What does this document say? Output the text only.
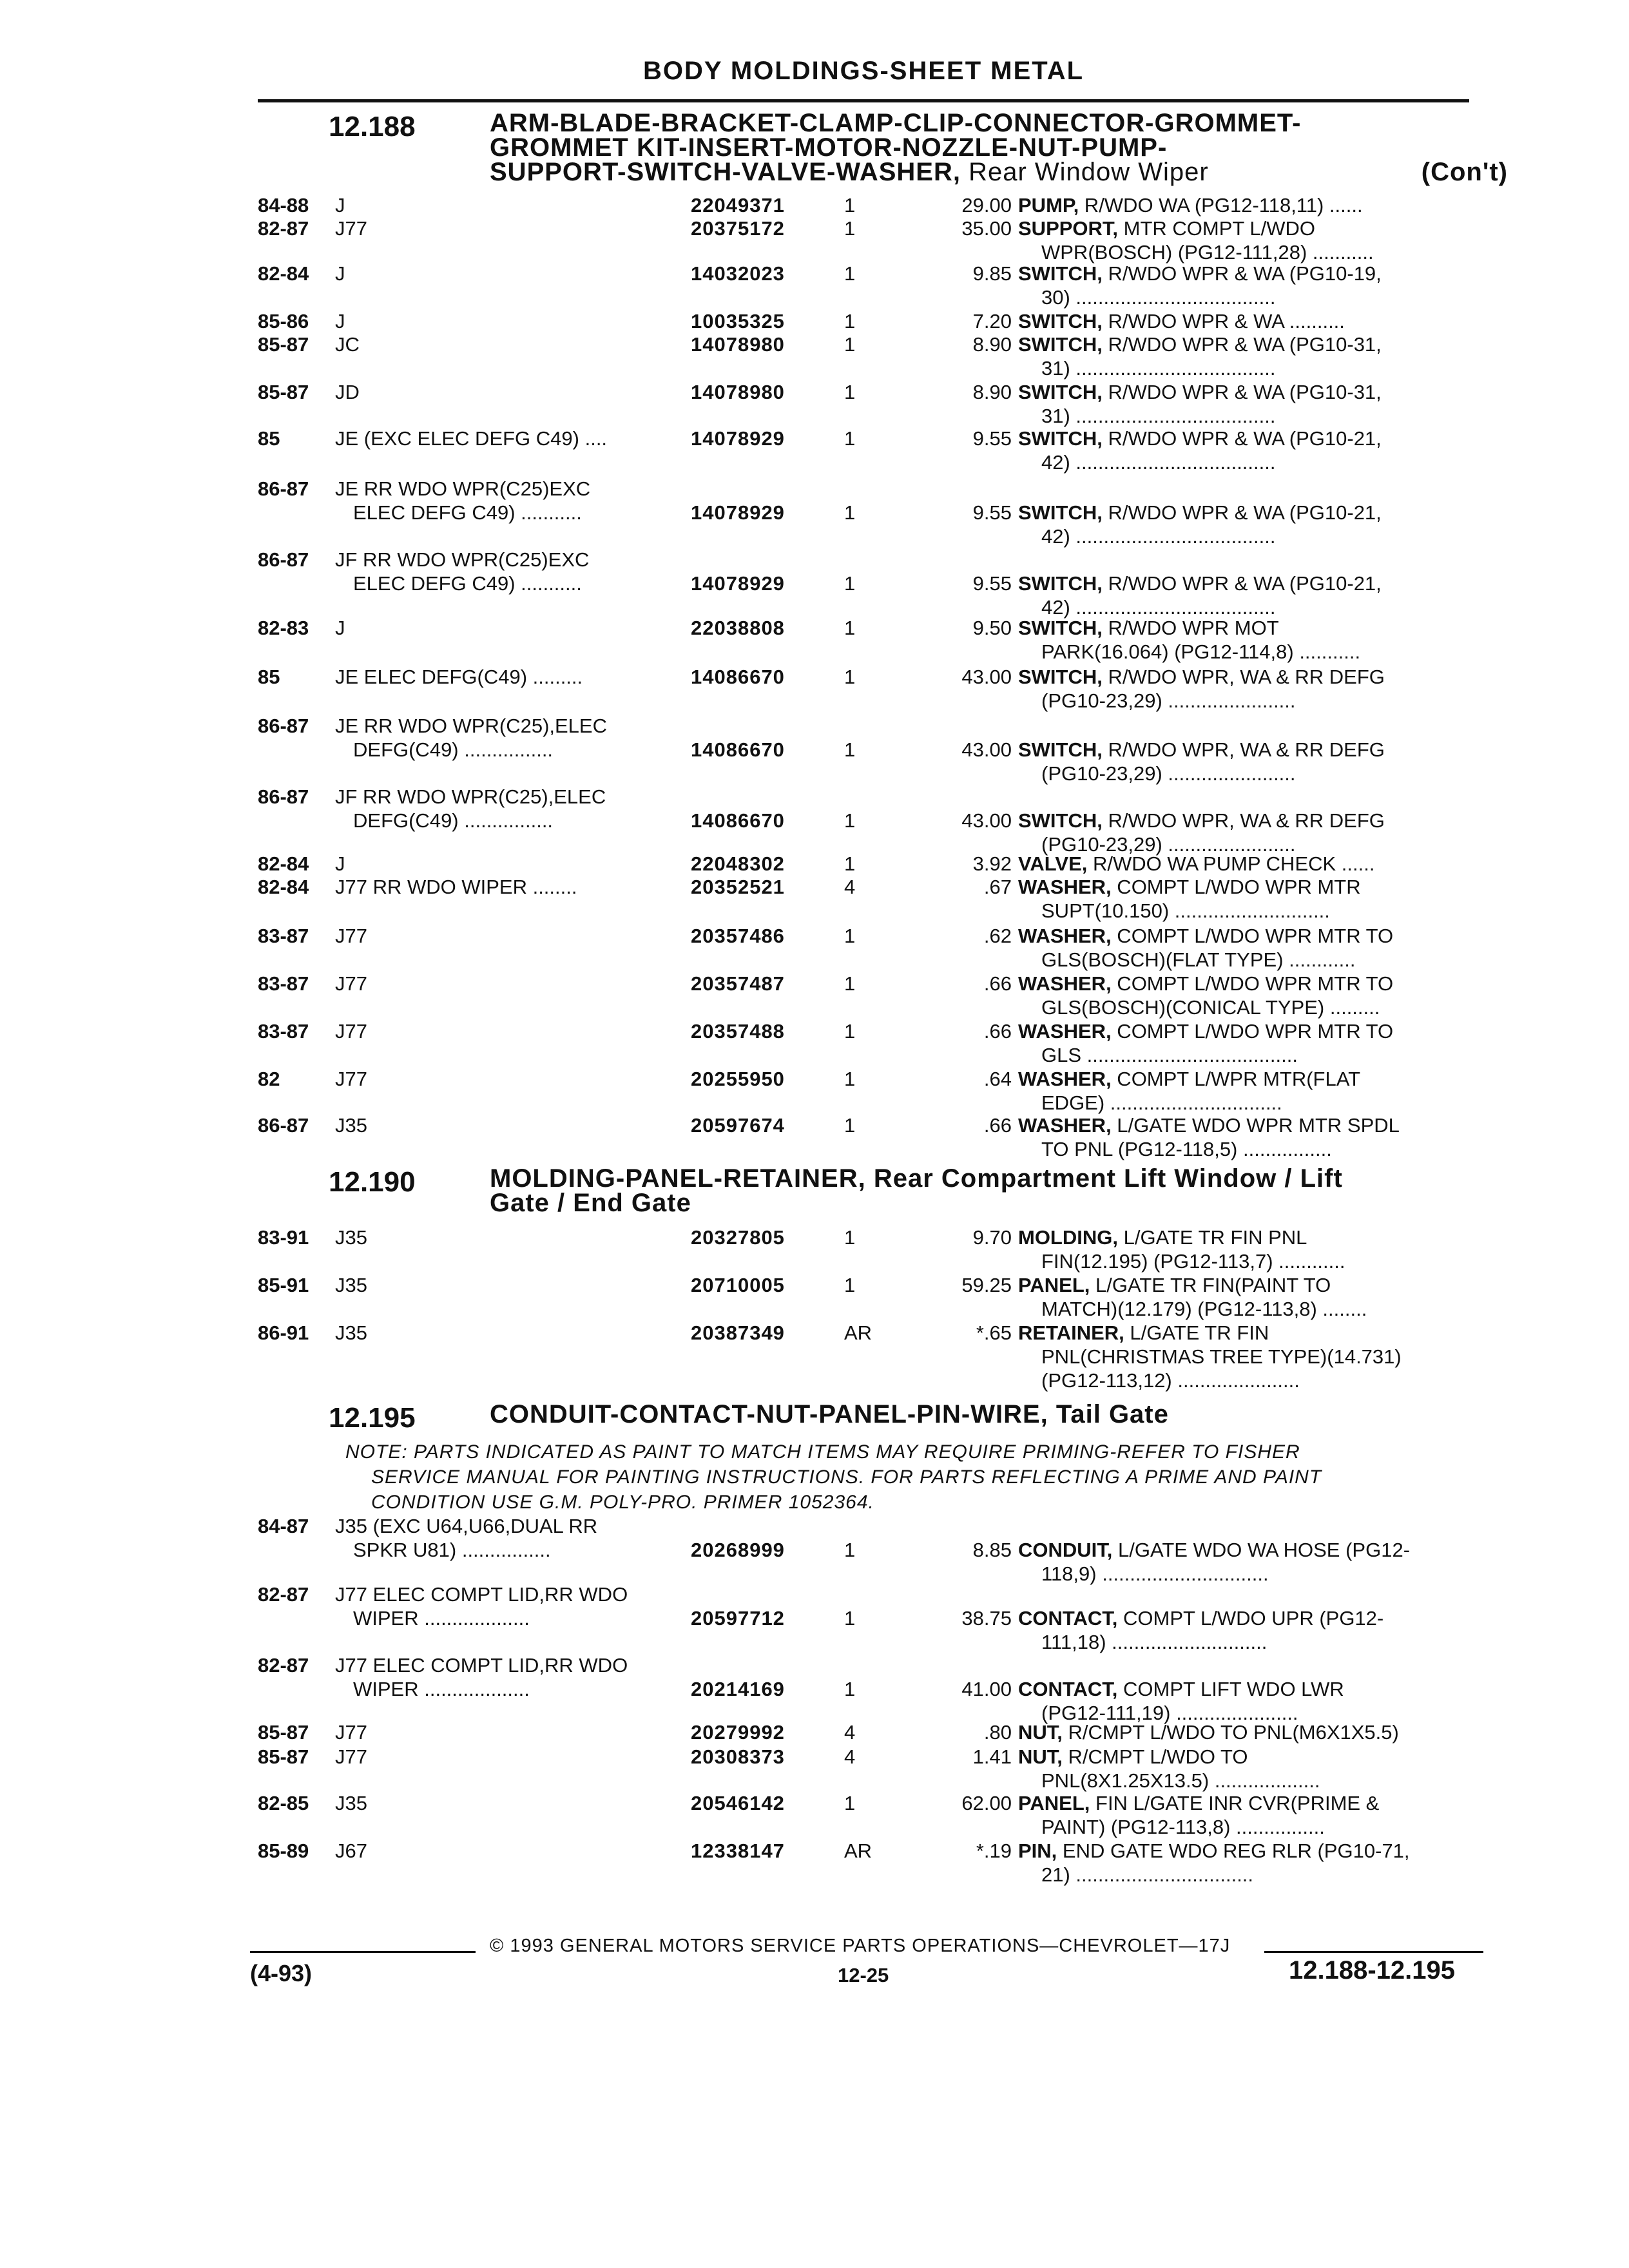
BODY MOLDINGS-SHEET METAL
12.188	ARM-BLADE-BRACKET-CLAMP-CLIP-CONNECTOR-GROMMET-
GROMMET KIT-INSERT-MOTOR-NOZZLE-NUT-PUMP-
SUPPORT-SWITCH-VALVE-WASHER, Rear Window Wiper	(Con't)
12.190	MOLDING-PANEL-RETAINER, Rear Compartment Lift Window / Lift
Gate / End Gate
12.195	CONDUIT-CONTACT-NUT-PANEL-PIN-WIRE, Tail Gate
NOTE: PARTS INDICATED AS PAINT TO MATCH ITEMS MAY REQUIRE PRIMING-REFER TO FISHER
SERVICE MANUAL FOR PAINTING INSTRUCTIONS. FOR PARTS REFLECTING A PRIME AND PAINT
CONDITION USE G.M. POLY-PRO. PRIMER 1052364.
84-88 J	22049371	1	29.00 PUMP, R/WDO WA (PG12-118,11) ......
82-87 J77	20375172	1	35.00 SUPPORT, MTR COMPT L/WDO
WPR(BOSCH) (PG12-111,28) ...........
82-84 J	14032023	1	9.85 SWITCH, R/WDO WPR & WA (PG10-19,
30) ....................................
85-86 J	10035325	1	7.20 SWITCH, R/WDO WPR & WA ..........
85-87 JC	14078980	1	8.90 SWITCH, R/WDO WPR & WA (PG10-31,
31) ....................................
85-87 JD	14078980	1	8.90 SWITCH, R/WDO WPR & WA (PG10-31,
31) ....................................
85	JE (EXC ELEC DEFG C49) ....	14078929	1	9.55 SWITCH, R/WDO WPR & WA (PG10-21,
42) ....................................
86-87 JE RR WDO WPR(C25)EXC
ELEC DEFG C49) ...........	14078929	1	9.55 SWITCH, R/WDO WPR & WA (PG10-21,
42) ....................................
86-87 JF RR WDO WPR(C25)EXC
ELEC DEFG C49) ...........	14078929	1	9.55 SWITCH, R/WDO WPR & WA (PG10-21,
42) ....................................
82-83 J	22038808	1	9.50 SWITCH, R/WDO WPR MOT
PARK(16.064) (PG12-114,8) ...........
85	JE ELEC DEFG(C49) .........	14086670	1	43.00 SWITCH, R/WDO WPR, WA & RR DEFG
(PG10-23,29) .......................
86-87 JE RR WDO WPR(C25),ELEC
DEFG(C49) ................	14086670	1	43.00 SWITCH, R/WDO WPR, WA & RR DEFG
(PG10-23,29) .......................
86-87 JF RR WDO WPR(C25),ELEC
DEFG(C49) ................	14086670	1	43.00 SWITCH, R/WDO WPR, WA & RR DEFG
(PG10-23,29) .......................
82-84 J	22048302	1	3.92 VALVE, R/WDO WA PUMP CHECK ......
82-84 J77 RR WDO WIPER ........	20352521	4	.67 WASHER, COMPT L/WDO WPR MTR
SUPT(10.150) ............................
83-87 J77	20357486	1	.62 WASHER, COMPT L/WDO WPR MTR TO
GLS(BOSCH)(FLAT TYPE) ............
83-87 J77	20357487	1	.66 WASHER, COMPT L/WDO WPR MTR TO
GLS(BOSCH)(CONICAL TYPE) .........
83-87 J77	20357488	1	.66 WASHER, COMPT L/WDO WPR MTR TO
GLS ......................................
82	J77	20255950	1	.64 WASHER, COMPT L/WPR MTR(FLAT
EDGE) ...............................
86-87 J35	20597674	1	.66 WASHER, L/GATE WDO WPR MTR SPDL
TO PNL (PG12-118,5) ................
83-91 J35	20327805	1	9.70 MOLDING, L/GATE TR FIN PNL
FIN(12.195) (PG12-113,7) ............
85-91 J35	20710005	1	59.25 PANEL, L/GATE TR FIN(PAINT TO
MATCH)(12.179) (PG12-113,8) ........
86-91 J35	20387349	AR	*.65 RETAINER, L/GATE TR FIN
PNL(CHRISTMAS TREE TYPE)(14.731)
(PG12-113,12) ......................
84-87 J35 (EXC U64,U66,DUAL RR
SPKR U81) ................	20268999	1	8.85 CONDUIT, L/GATE WDO WA HOSE (PG12-
118,9) ..............................
82-87 J77 ELEC COMPT LID,RR WDO
WIPER ...................	20597712	1	38.75 CONTACT, COMPT L/WDO UPR (PG12-
111,18) ............................
82-87 J77 ELEC COMPT LID,RR WDO
WIPER ...................	20214169	1	41.00 CONTACT, COMPT LIFT WDO LWR
(PG12-111,19) ......................
85-87 J77	20279992	4	.80 NUT, R/CMPT L/WDO TO PNL(M6X1X5.5)
85-87 J77	20308373	4	1.41 NUT, R/CMPT L/WDO TO
PNL(8X1.25X13.5) ...................
82-85 J35	20546142	1	62.00 PANEL, FIN L/GATE INR CVR(PRIME &
PAINT) (PG12-113,8) ................
85-89 J67	12338147	AR	*.19 PIN, END GATE WDO REG RLR (PG10-71,
21) ................................
© 1993 GENERAL MOTORS SERVICE PARTS OPERATIONS—CHEVROLET—17J
(4-93)	12-25	12.188-12.195
